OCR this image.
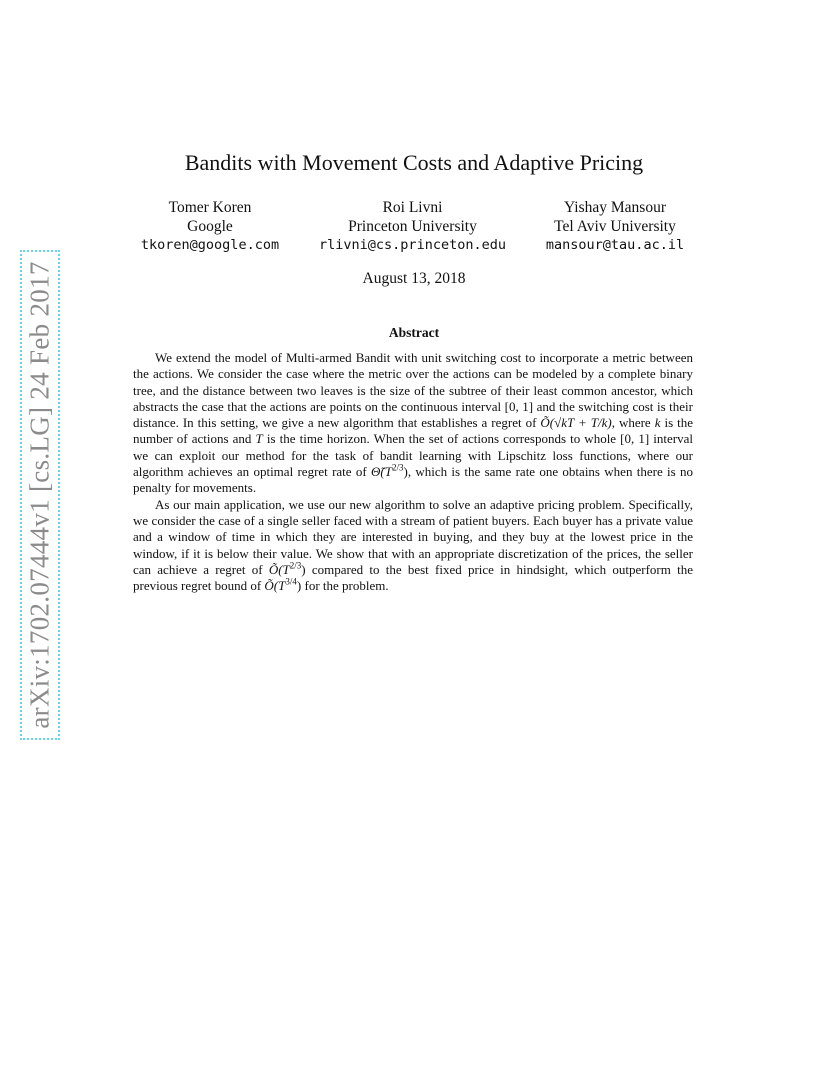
arXiv:1702.07444v1 [cs.LG] 24 Feb 2017
Bandits with Movement Costs and Adaptive Pricing
Tomer Koren
Google
tkoren@google.com
Roi Livni
Princeton University
rlivni@cs.princeton.edu
Yishay Mansour
Tel Aviv University
mansour@tau.ac.il
August 13, 2018
Abstract

We extend the model of Multi-armed Bandit with unit switching cost to incorporate a metric between the actions. We consider the case where the metric over the actions can be modeled by a complete binary tree, and the distance between two leaves is the size of the subtree of their least common ancestor, which abstracts the case that the actions are points on the continuous interval [0, 1] and the switching cost is their distance. In this setting, we give a new algorithm that establishes a regret of Õ(√kT + T/k), where k is the number of actions and T is the time horizon. When the set of actions corresponds to whole [0, 1] interval we can exploit our method for the task of bandit learning with Lipschitz loss functions, where our algorithm achieves an optimal regret rate of $\Thetã(T^{2/3})$, which is the same rate one obtains when there is no penalty for movements.

As our main application, we use our new algorithm to solve an adaptive pricing problem. Specifically, we consider the case of a single seller faced with a stream of patient buyers. Each buyer has a private value and a window of time in which they are interested in buying, and they buy at the lowest price in the window, if it is below their value. We show that with an appropriate discretization of the prices, the seller can achieve a regret of $Õ(T^{2/3})$ compared to the best fixed price in hindsight, which outperform the previous regret bound of $Õ(T^{3/4})$ for the problem.
